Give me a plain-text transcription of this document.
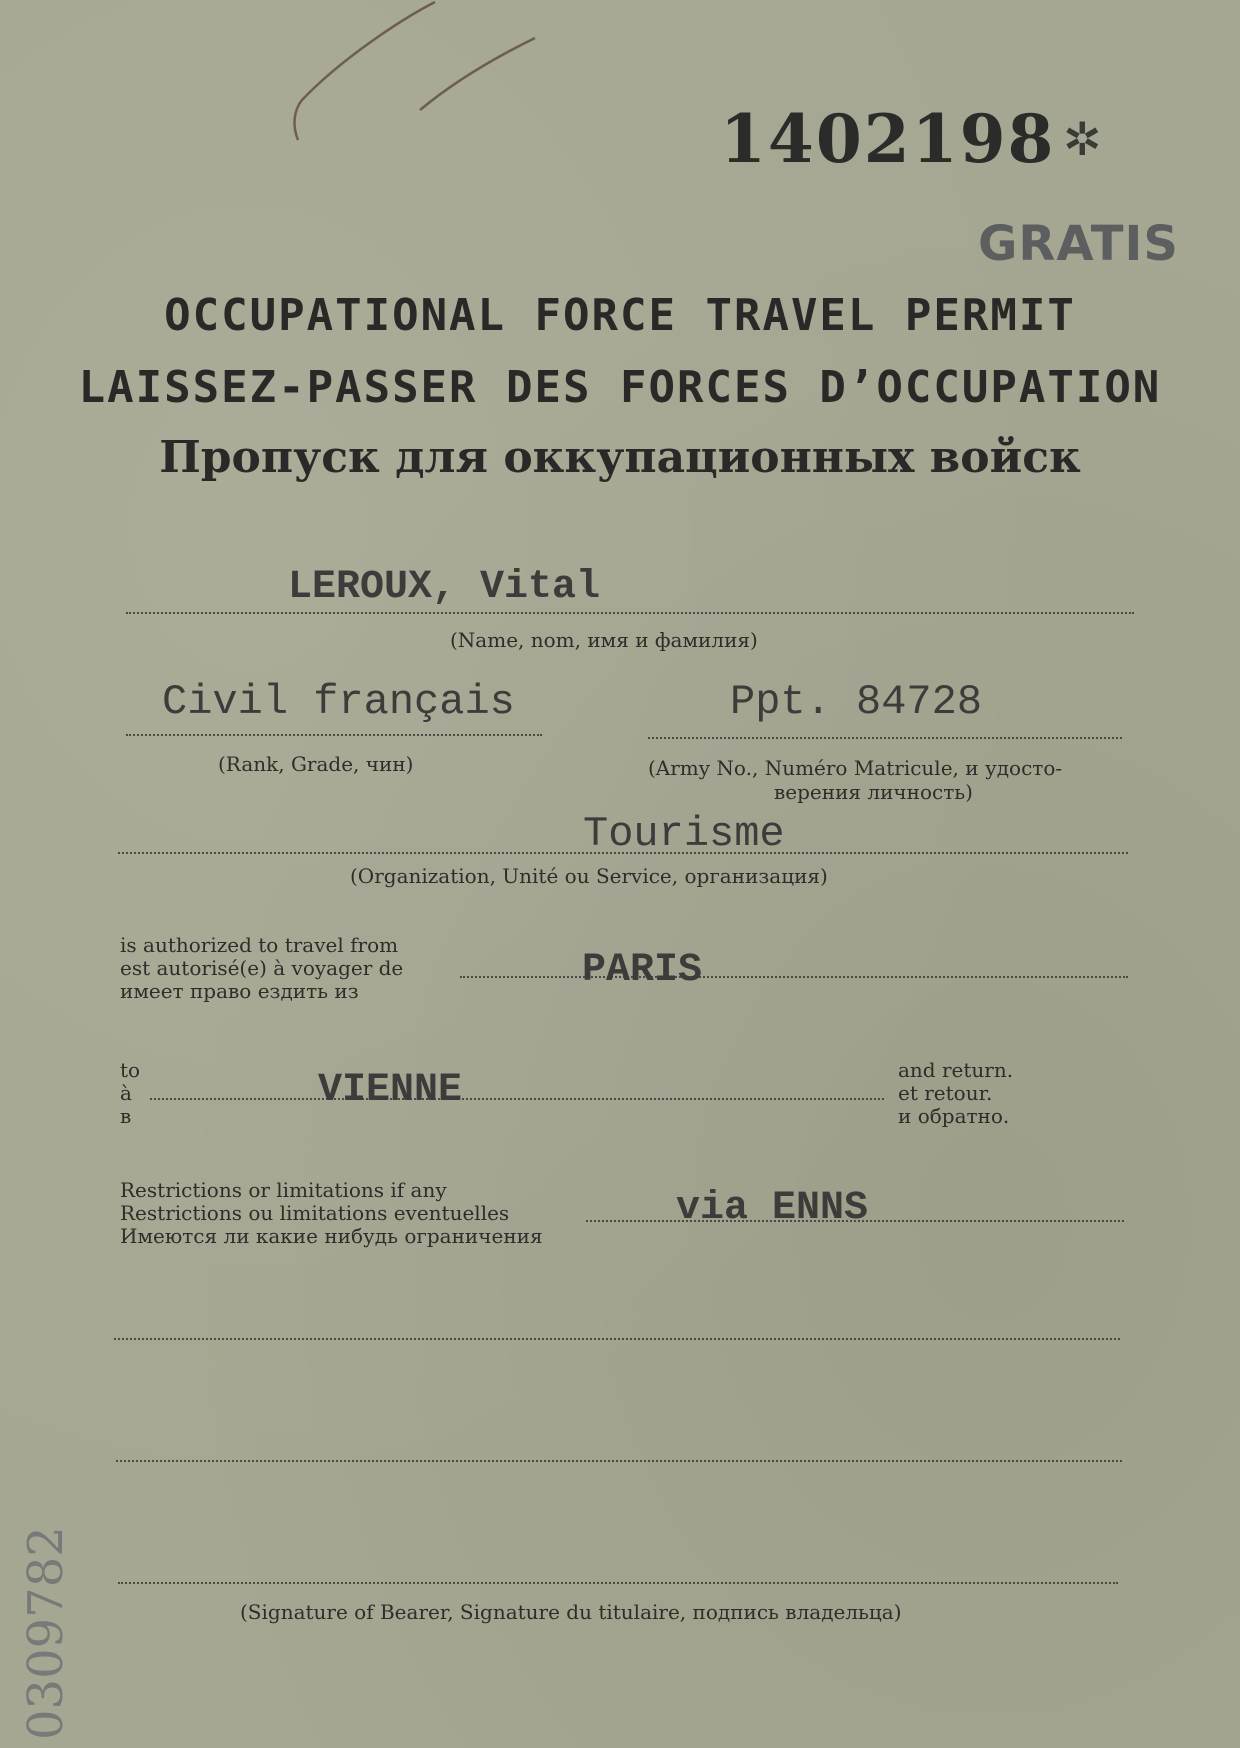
1402198 ✲
GRATIS
OCCUPATIONAL FORCE TRAVEL PERMIT
LAISSEZ-PASSER DES FORCES D’OCCUPATION
Пропуск для оккупационных войск
LEROUX, Vital
(Name, nom, имя и фамилия)
Civil français
(Rank, Grade, чин)
Ppt. 84728
(Army No., Numéro Matricule, и удосто-
верения личность)
Tourisme
(Organization, Unité ou Service, организация)
is authorized to travel from
est autorisé(e) à voyager de
имеет право ездить из	PARIS
to
à
в
VIENNE	and return.
et retour.
и обратно.
Restrictions or limitations if any
Restrictions ou limitations eventuelles
Имеются ли какие нибудь ограничения
via ENNS
(Signature of Bearer, Signature du titulaire, подпись владельца)
0309782
